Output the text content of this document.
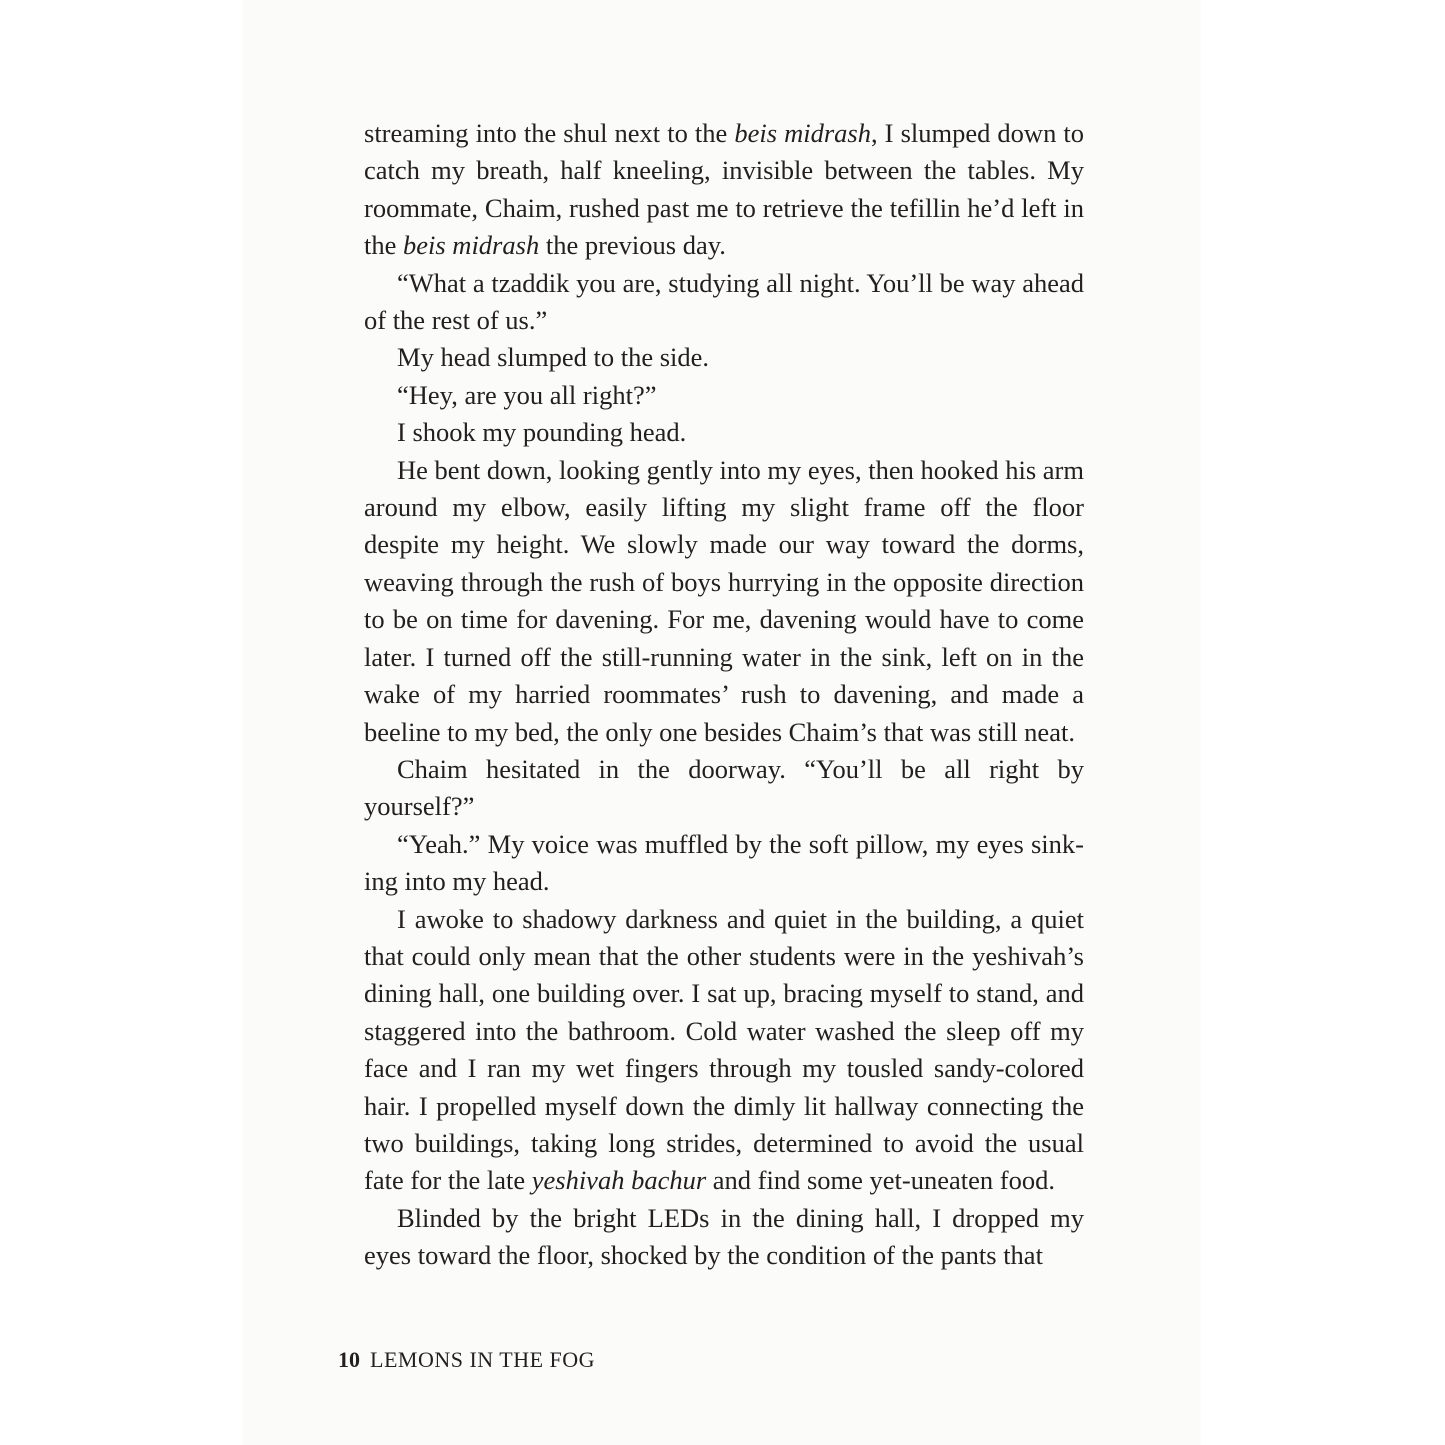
streaming into the shul next to the beis midrash, I slumped down to catch my breath, half kneeling, invisible between the tables. My roommate, Chaim, rushed past me to retrieve the tefillin he’d left in the beis midrash the previous day.

“What a tzaddik you are, studying all night. You’ll be way ahead of the rest of us.”

My head slumped to the side.

“Hey, are you all right?”

I shook my pounding head.

He bent down, looking gently into my eyes, then hooked his arm around my elbow, easily lifting my slight frame off the floor despite my height. We slowly made our way toward the dorms, weaving through the rush of boys hurrying in the opposite direction to be on time for davening. For me, davening would have to come later. I turned off the still-running water in the sink, left on in the wake of my harried roommates’ rush to davening, and made a beeline to my bed, the only one besides Chaim’s that was still neat.

Chaim hesitated in the doorway. “You’ll be all right by yourself?”

“Yeah.” My voice was muffled by the soft pillow, my eyes sinking into my head.

I awoke to shadowy darkness and quiet in the building, a quiet that could only mean that the other students were in the yeshivah’s dining hall, one building over. I sat up, bracing myself to stand, and staggered into the bathroom. Cold water washed the sleep off my face and I ran my wet fingers through my tousled sandy-colored hair. I propelled myself down the dimly lit hallway connecting the two buildings, taking long strides, determined to avoid the usual fate for the late yeshivah bachur and find some yet-uneaten food.

Blinded by the bright LEDs in the dining hall, I dropped my eyes toward the floor, shocked by the condition of the pants that

10 LEMONS IN THE FOG
